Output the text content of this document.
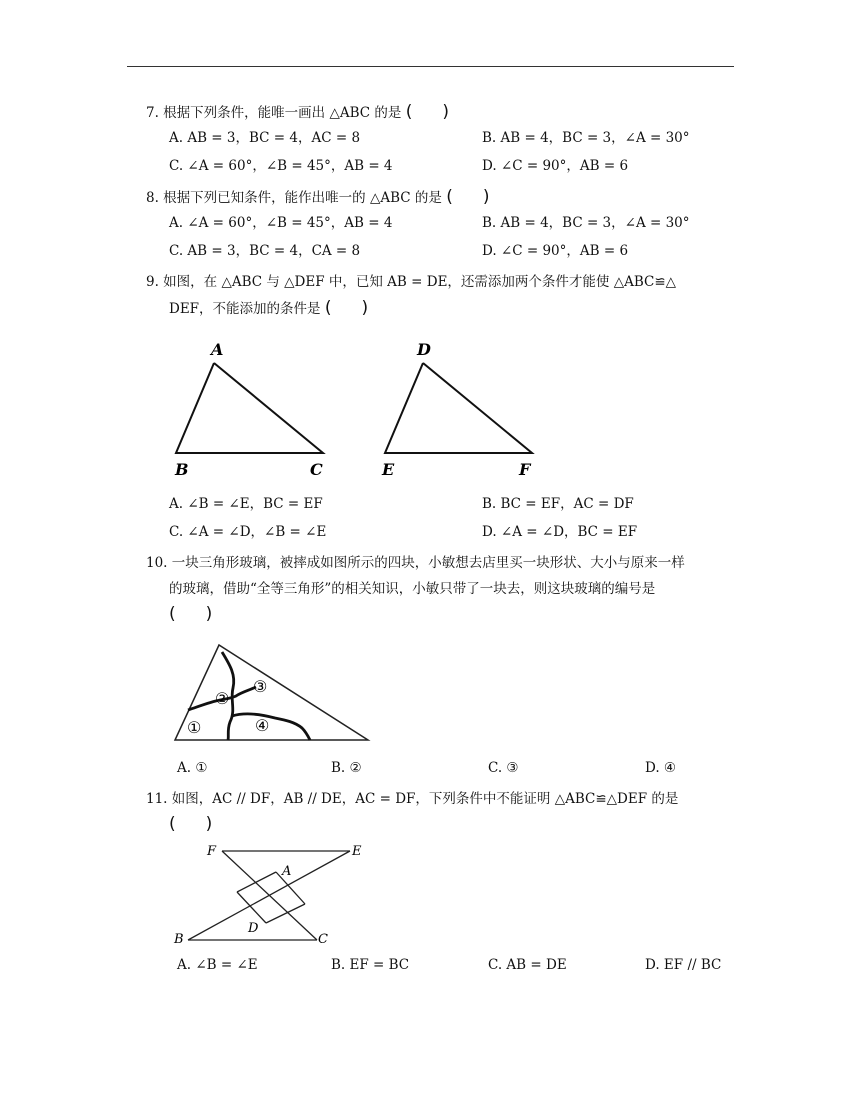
7. 根据下列条件，能唯一画出 △ABC 的是 ( )
A. AB = 3，BC = 4，AC = 8	B. AB = 4，BC = 3，∠A = 30°
C. ∠A = 60°，∠B = 45°，AB = 4	D. ∠C = 90°，AB = 6
8. 根据下列已知条件，能作出唯一的 △ABC 的是 ( )
A. ∠A = 60°，∠B = 45°，AB = 4	B. AB = 4，BC = 3，∠A = 30°
C. AB = 3，BC = 4，CA = 8	D. ∠C = 90°，AB = 6
9. 如图，在 △ABC 与 △DEF 中，已知 AB = DE，还需添加两个条件才能使 △ABC≌△
DEF，不能添加的条件是 ( )
A
B	C
D
E	F
A. ∠B = ∠E，BC = EF	B. BC = EF，AC = DF
C. ∠A = ∠D，∠B = ∠E	D. ∠A = ∠D，BC = EF
10. 一块三角形玻璃，被摔成如图所示的四块，小敏想去店里买一块形状、大小与原来一样
的玻璃，借助“全等三角形”的相关知识，小敏只带了一块去，则这块玻璃的编号是
( )
①
②
③
④
A. ①	B. ②	C. ③	D. ④
11. 如图，AC // DF，AB // DE，AC = DF，下列条件中不能证明 △ABC≌△DEF 的是
( )
F	E
A
D
B	C
A. ∠B = ∠E	B. EF = BC	C. AB = DE	D. EF // BC
